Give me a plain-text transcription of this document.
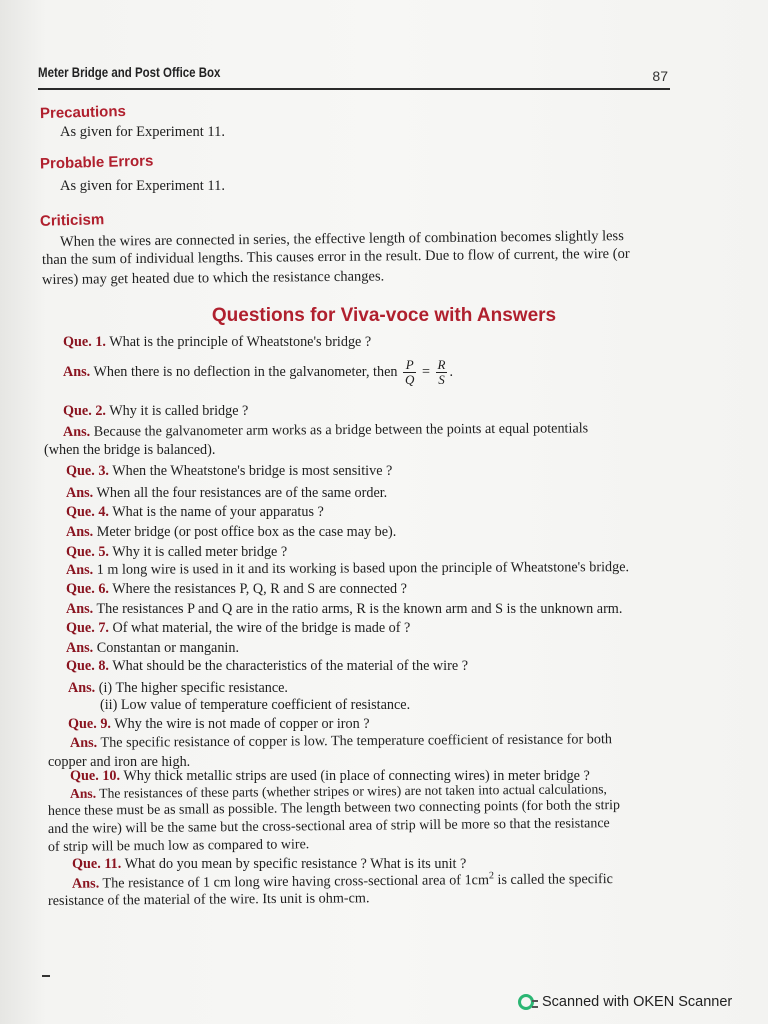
Meter Bridge and Post Office Box	87
Precautions
As given for Experiment 11.
Probable Errors
As given for Experiment 11.
Criticism
When the wires are connected in series, the effective length of combination becomes slightly less
than the sum of individual lengths. This causes error in the result. Due to flow of current, the wire (or
wires) may get heated due to which the resistance changes.
Questions for Viva-voce with Answers
Que. 1. What is the principle of Wheatstone's bridge ?
Ans. When there is no deflection in the galvanometer, then $\frac{P}{Q} = \frac{R}{S}$ .
Que. 2. Why it is called bridge ?
Ans. Because the galvanometer arm works as a bridge between the points at equal potentials
(when the bridge is balanced).
Que. 3. When the Wheatstone's bridge is most sensitive ?
Ans. When all the four resistances are of the same order.
Que. 4. What is the name of your apparatus ?
Ans. Meter bridge (or post office box as the case may be).
Que. 5. Why it is called meter bridge ?
Ans. 1 m long wire is used in it and its working is based upon the principle of Wheatstone's bridge.
Que. 6. Where the resistances P, Q, R and S are connected ?
Ans. The resistances P and Q are in the ratio arms, R is the known arm and S is the unknown arm.
Que. 7. Of what material, the wire of the bridge is made of ?
Ans. Constantan or manganin.
Que. 8. What should be the characteristics of the material of the wire ?
Ans. (i) The higher specific resistance.
(ii) Low value of temperature coefficient of resistance.
Que. 9. Why the wire is not made of copper or iron ?
Ans. The specific resistance of copper is low. The temperature coefficient of resistance for both
copper and iron are high.
Que. 10. Why thick metallic strips are used (in place of connecting wires) in meter bridge ?
Ans. The resistances of these parts (whether stripes or wires) are not taken into actual calculations,
hence these must be as small as possible. The length between two connecting points (for both the strip
and the wire) will be the same but the cross-sectional area of strip will be more so that the resistance
of strip will be much low as compared to wire.
Que. 11. What do you mean by specific resistance ? What is its unit ?
Ans. The resistance of 1 cm long wire having cross-sectional area of $1cm^2$ is called the specific
resistance of the material of the wire. Its unit is ohm-cm.
Scanned with OKEN Scanner
